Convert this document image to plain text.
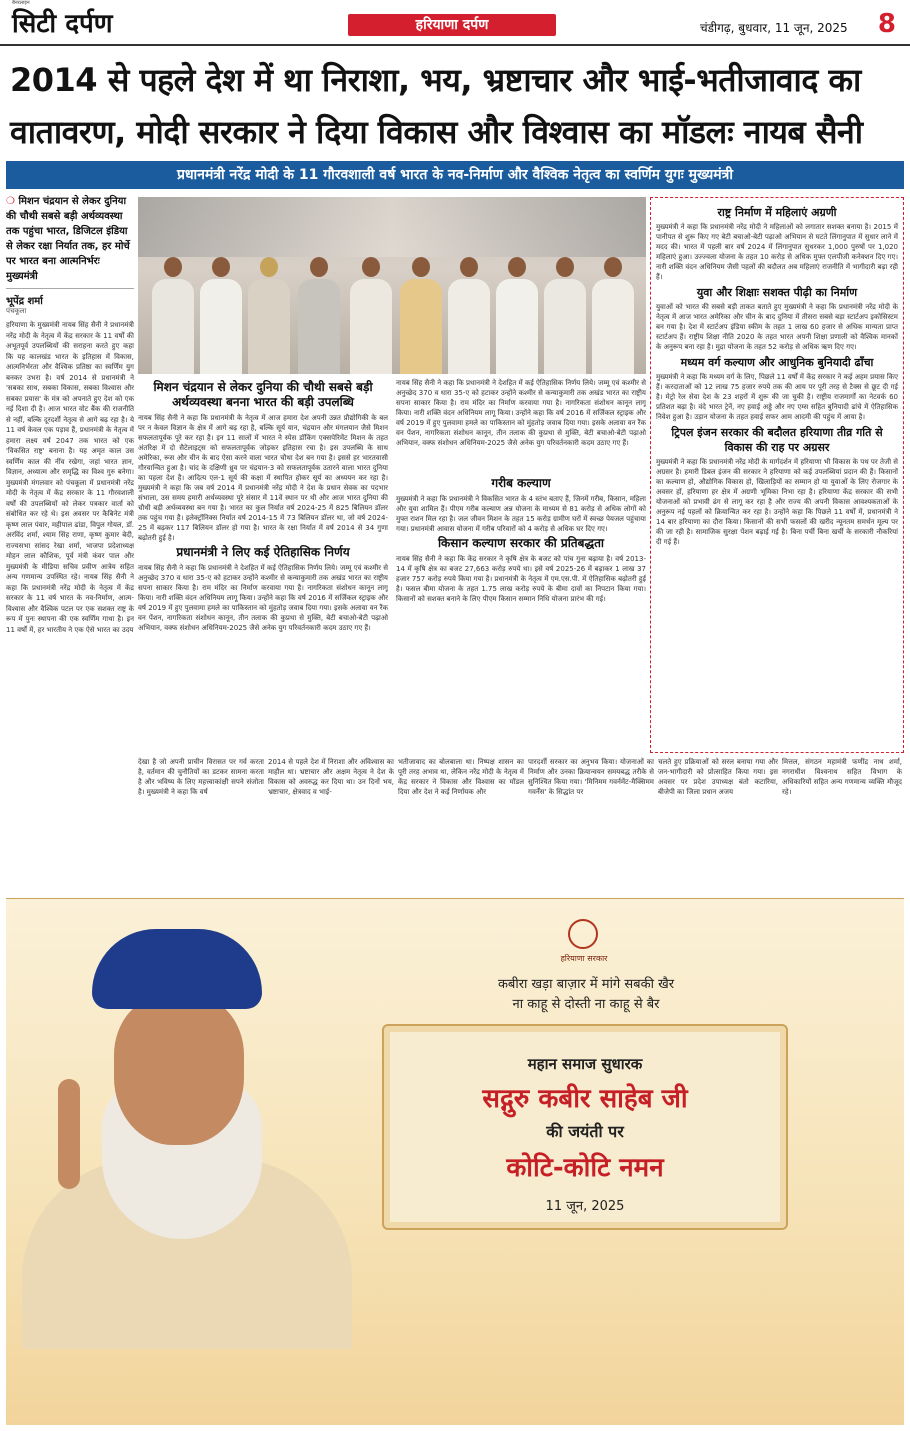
बैनरलाइन
सिटी दर्पण	हरियाणा दर्पण	चंडीगढ़, बुधवार, 11 जून, 2025 8
2014 से पहले देश में था निराशा, भय, भ्रष्टाचार और भाई-भतीजावाद का
वातावरण, मोदी सरकार ने दिया विकास और विश्वास का मॉडलः नायब सैनी
प्रधानमंत्री नरेंद्र मोदी के 11 गौरवशाली वर्ष भारत के नव-निर्माण और वैश्विक नेतृत्व का स्वर्णिम युगः मुख्यमंत्री
❍ मिशन चंद्रयान से लेकर दुनिया की चौथी सबसे बड़ी अर्थव्यवस्था तक पहुंचा भारत, डिजिटल इंडिया से लेकर रक्षा निर्यात तक, हर मोर्चे पर भारत बना आत्मनिर्भरः मुख्यमंत्री
भूपेंद्र शर्मा
पंचकूला
हरियाणा के मुख्यमंत्री नायब सिंह सैनी ने प्रधानमंत्री नरेंद्र मोदी के नेतृत्व में केंद्र सरकार के 11 वर्षों की अभूतपूर्व उपलब्धियों की सराहना करते हुए कहा कि यह कालखंड भारत के इतिहास में विकास, आत्मनिर्भरता और वैश्विक प्रतिष्ठा का स्वर्णिम युग बनकर उभरा है। वर्ष 2014 से प्रधानमंत्री ने 'सबका साथ, सबका विकास, सबका विश्वास और सबका प्रयास' के मंत्र को अपनाते हुए देश को एक नई दिशा दी है। आज भारत वोट बैंक की राजनीति से नहीं, बल्कि दूरदर्शी नेतृत्व से आगे बढ़ रहा है। ये 11 वर्ष केवल एक पड़ाव हैं, प्रधानमंत्री के नेतृत्व में हमारा लक्ष्य वर्ष 2047 तक भारत को एक 'विकसित राष्ट्र' बनाना है। यह अमृत काल उस स्वर्णिम काल की नींव रखेगा, जहां भारत ज्ञान, विज्ञान, अध्यात्म और समृद्धि का विश्व गुरु बनेगा। मुख्यमंत्री मंगलवार को पंचकूला में प्रधानमंत्री नरेंद्र मोदी के नेतृत्व में केंद्र सरकार के 11 गौरवशाली वर्षों की उपलब्धियों को लेकर पत्रकार वार्ता को संबोधित कर रहे थे। इस अवसर पर कैबिनेट मंत्री कृष्ण लाल पंवार, महीपाल ढांडा, विपुल गोयल, डॉ. अरविंद शर्मा, श्याम सिंह राणा, कृष्ण कुमार बेदी, राज्यसभा सांसद रेखा शर्मा, भाजपा प्रदेशाध्यक्ष मोहन लाल कौशिक, पूर्व मंत्री कंवर पाल और मुख्यमंत्री के मीडिया सचिव प्रवीण आत्रेय सहित अन्य गणमान्य उपस्थित रहे। नायब सिंह सैनी ने कहा कि प्रधानमंत्री नरेंद्र मोदी के नेतृत्व में केंद्र सरकार के 11 वर्ष भारत के नव-निर्माण, आत्म-विश्वास और वैश्विक पटल पर एक सशक्त राष्ट्र के रूप में पुनः स्थापना की एक स्वर्णिम गाथा है। इन 11 वर्षों में, हर भारतीय ने एक ऐसे भारत का उदय
मिशन चंद्रयान से लेकर दुनिया की चौथी सबसे बड़ी अर्थव्यवस्था बनना भारत की बड़ी उपलब्धि
नायब सिंह सैनी ने कहा कि प्रधानमंत्री के नेतृत्व में आज हमारा देश अपनी उन्नत प्रौद्योगिकी के बल पर न केवल विज्ञान के क्षेत्र में आगे बढ़ रहा है, बल्कि सूर्य यान, चंद्रयान और मंगलयान जैसे मिशन सफलतापूर्वक पूरे कर रहा है। इन 11 सालों में भारत ने स्पेस डॉकिंग एक्सपेरिमेंट मिशन के तहत अंतरिक्ष में दो सैटेलाइट्स को सफलतापूर्वक जोड़कर इतिहास रचा है। इस उपलब्धि के साथ अमेरिका, रूस और चीन के बाद ऐसा करने वाला भारत चौथा देश बन गया है। इससे हर भारतवासी गौरवान्वित हुआ है। चांद के दक्षिणी ध्रुव पर चंद्रयान-3 को सफलतापूर्वक उतारने वाला भारत दुनिया का पहला देश है। आदित्य एल-1 सूर्य की कक्षा में स्थापित होकर सूर्य का अध्ययन कर रहा है। मुख्यमंत्री ने कहा कि जब वर्ष 2014 में प्रधानमंत्री नरेंद्र मोदी ने देश के प्रधान सेवक का पदभार संभाला, उस समय हमारी अर्थव्यवस्था पूरे संसार में 11वें स्थान पर थी और आज भारत दुनिया की चौथी बड़ी अर्थव्यवस्था बन गया है। भारत का कुल निर्यात वर्ष 2024-25 में 825 बिलियन डॉलर तक पहुंच गया है। इलेक्ट्रॉनिक्स निर्यात वर्ष 2014-15 में 73 बिलियन डॉलर था, जो वर्ष 2024-25 में बढ़कर 117 बिलियन डॉलर हो गया है। भारत के रक्षा निर्यात में वर्ष 2014 से 34 गुणा बढ़ोतरी हुई है।
प्रधानमंत्री ने लिए कई ऐतिहासिक निर्णय
नायब सिंह सैनी ने कहा कि प्रधानमंत्री ने देशहित में कई ऐतिहासिक निर्णय लिये। जम्मू एवं कश्मीर से अनुच्छेद 370 व धारा 35-ए को हटाकर उन्होंने कश्मीर से कन्याकुमारी तक अखंड भारत का राष्ट्रीय सपना साकार किया है। राम मंदिर का निर्माण करवाया गया है। नागरिकता संशोधन कानून लागू किया। नारी शक्ति वंदन अधिनियम लागू किया। उन्होंने कहा कि वर्ष 2016 में सर्जिकल स्ट्राइक और वर्ष 2019 में हुए पुलवामा हमले का पाकिस्तान को मुंहतोड़ जवाब दिया गया। इसके अलावा वन रैंक वन पेंशन, नागरिकता संशोधन कानून, तीन तलाक की कुप्रथा से मुक्ति, बेटी बचाओ-बेटी पढ़ाओ अभियान, वक्फ संशोधन अधिनियम-2025 जैसे अनेक युग परिवर्तनकारी कदम उठाए गए हैं।
नायब सिंह सैनी ने कहा कि प्रधानमंत्री ने देशहित में कई ऐतिहासिक निर्णय लिये। जम्मू एवं कश्मीर से अनुच्छेद 370 व धारा 35-ए को हटाकर उन्होंने कश्मीर से कन्याकुमारी तक अखंड भारत का राष्ट्रीय सपना साकार किया है। राम मंदिर का निर्माण करवाया गया है। नागरिकता संशोधन कानून लागू किया। नारी शक्ति वंदन अधिनियम लागू किया। उन्होंने कहा कि वर्ष 2016 में सर्जिकल स्ट्राइक और वर्ष 2019 में हुए पुलवामा हमले का पाकिस्तान को मुंहतोड़ जवाब दिया गया। इसके अलावा वन रैंक वन पेंशन, नागरिकता संशोधन कानून, तीन तलाक की कुप्रथा से मुक्ति, बेटी बचाओ-बेटी पढ़ाओ अभियान, वक्फ संशोधन अधिनियम-2025 जैसे अनेक युग परिवर्तनकारी कदम उठाए गए हैं।
गरीब कल्याण
मुख्यमंत्री ने कहा कि प्रधानमंत्री ने विकसित भारत के 4 स्तंभ बताए हैं, जिनमें गरीब, किसान, महिला और युवा शामिल हैं। पीएम गरीब कल्याण अन्न योजना के माध्यम से 81 करोड़ से अधिक लोगों को मुफ्त राशन मिल रहा है। जल जीवन मिशन के तहत 15 करोड़ ग्रामीण घरों में स्वच्छ पेयजल पहुंचाया गया। प्रधानमंत्री आवास योजना में गरीब परिवारों को 4 करोड़ से अधिक घर दिए गए।
किसान कल्याण सरकार की प्रतिबद्धता
नायब सिंह सैनी ने कहा कि केंद्र सरकार ने कृषि क्षेत्र के बजट को पांच गुना बढ़ाया है। वर्ष 2013-14 में कृषि क्षेत्र का बजट 27,663 करोड़ रुपये था। इसे वर्ष 2025-26 में बढ़ाकर 1 लाख 37 हजार 757 करोड़ रुपये किया गया है। प्रधानमंत्री के नेतृत्व में एम.एस.पी. में ऐतिहासिक बढ़ोतरी हुई है। फसल बीमा योजना के तहत 1.75 लाख करोड़ रुपये के बीमा दावों का निपटान किया गया। किसानों को सशक्त बनाने के लिए पीएम किसान सम्मान निधि योजना प्रारंभ की गई।
राष्ट्र निर्माण में महिलाएं अग्रणी
मुख्यमंत्री ने कहा कि प्रधानमंत्री नरेंद्र मोदी ने महिलाओं को लगातार सशक्त बनाया है। 2015 में पानीपत से शुरू किए गए बेटी बचाओ-बेटी पढ़ाओ अभियान से घटते लिंगानुपात में सुधार लाने में मदद की। भारत में पहली बार वर्ष 2024 में लिंगानुपात सुधरकर 1,000 पुरुषों पर 1,020 महिलाएं हुआ। उज्ज्वला योजना के तहत 10 करोड़ से अधिक मुफ्त एलपीजी कनेक्शन दिए गए। नारी शक्ति वंदन अधिनियम जैसी पहलों की बदौलत अब महिलाएं राजनीति में भागीदारी बढ़ा रही हैं।
युवा और शिक्षाः सशक्त पीढ़ी का निर्माण
युवाओं को भारत की सबसे बड़ी ताकत बताते हुए मुख्यमंत्री ने कहा कि प्रधानमंत्री नरेंद्र मोदी के नेतृत्व में आज भारत अमेरिका और चीन के बाद दुनिया में तीसरा सबसे बड़ा स्टार्टअप इकोसिस्टम बन गया है। देश में स्टार्टअप इंडिया स्कीम के तहत 1 लाख 60 हजार से अधिक मान्यता प्राप्त स्टार्टअप हैं। राष्ट्रीय शिक्षा नीति 2020 के तहत भारत अपनी शिक्षा प्रणाली को वैश्विक मानकों के अनुरूप बना रहा है। मुद्रा योजना के तहत 52 करोड़ से अधिक ऋण दिए गए।
मध्यम वर्ग कल्याण और आधुनिक बुनियादी ढाँचा
मुख्यमंत्री ने कहा कि मध्यम वर्ग के लिए, पिछले 11 वर्षों में केंद्र सरकार ने कई अहम प्रयास किए हैं। करदाताओं को 12 लाख 75 हजार रुपये तक की आय पर पूरी तरह से टैक्स से छूट दी गई है। मेट्रो रेल सेवा देश के 23 शहरों में शुरू की जा चुकी है। राष्ट्रीय राजमार्गों का नेटवर्क 60 प्रतिशत बढ़ा है। वंदे भारत ट्रेनें, नए हवाई अड्डे और नए एम्स सहित बुनियादी ढांचे में ऐतिहासिक निवेश हुआ है। उड़ान योजना के तहत हवाई सफर आम आदमी की पहुंच में आया है।
ट्रिपल इंजन सरकार की बदौलत हरियाणा तीव्र गति से विकास की राह पर अग्रसर
मुख्यमंत्री ने कहा कि प्रधानमंत्री नरेंद्र मोदी के मार्गदर्शन में हरियाणा भी विकास के पथ पर तेजी से अग्रसर है। हमारी डिबल इंजन की सरकार ने हरियाणा को कई उपलब्धियां प्रदान की हैं। किसानों का कल्याण हो, औद्योगिक विकास हो, खिलाड़ियों का सम्मान हो या युवाओं के लिए रोजगार के अवसर हों, हरियाणा हर क्षेत्र में अग्रणी भूमिका निभा रहा है। हरियाणा केंद्र सरकार की सभी योजनाओं को प्रभावी ढंग से लागू कर रहा है और राज्य की अपनी विकास आवश्यकताओं के अनुरूप नई पहलों को क्रियान्वित कर रहा है। उन्होंने कहा कि पिछले 11 वर्षों में, प्रधानमंत्री ने 14 बार हरियाणा का दौरा किया। किसानों की सभी फसलों की खरीद न्यूनतम समर्थन मूल्य पर की जा रही है। सामाजिक सुरक्षा पेंशन बढ़ाई गई है। बिना पर्ची बिना खर्ची के सरकारी नौकरियां दी गई हैं।
देखा है जो अपनी प्राचीन विरासत पर गर्व करता है, वर्तमान की चुनौतियों का डटकर सामना करता है और भविष्य के लिए महत्त्वाकांक्षी सपने संजोता है। मुख्यमंत्री ने कहा कि वर्ष
2014 से पहले देश में निराशा और अविश्वास का माहौल था। भ्रष्टाचार और अक्षम नेतृत्व ने देश के विकास को अवरुद्ध कर दिया था। उन दिनों भय, भ्रष्टाचार, क्षेत्रवाद व भाई-
भतीजावाद का बोलबाला था। निष्पक्ष शासन का पूरी तरह अभाव था, लेकिन नरेंद्र मोदी के नेतृत्व में केंद्र सरकार ने विकास और विश्वास का मॉडल दिया और देश ने कई निर्णायक और
पारदर्शी सरकार का अनुभव किया। योजनाओं का निर्माण और उनका क्रियान्वयन समयबद्ध तरीके से सुनिश्चित किया गया। 'मिनिमम गवर्नमेंट-मैक्सिमम गवर्नेंस' के सिद्धांत पर
चलते हुए प्रक्रियाओं को सरल बनाया गया और जन-भागीदारी को प्रोत्साहित किया गया। इस अवसर पर प्रदेश उपाध्यक्ष बंतो कटारिया, बीजेपी का जिला प्रधान अजय
मित्तल, संगठन महामंत्री फणींद्र नाथ शर्मा, नगराधीश विश्वनाथ सहित विभाग के अधिकारियों सहित अन्य गणमान्य व्यक्ति मौजूद रहे।
हरियाणा सरकार
कबीरा खड़ा बाज़ार में मांगे सबकी खैर
ना काहू से दोस्ती ना काहू से बैर
महान समाज सुधारक
सद्गुरु कबीर साहेब जी
की जयंती पर
कोटि-कोटि नमन
11 जून, 2025
